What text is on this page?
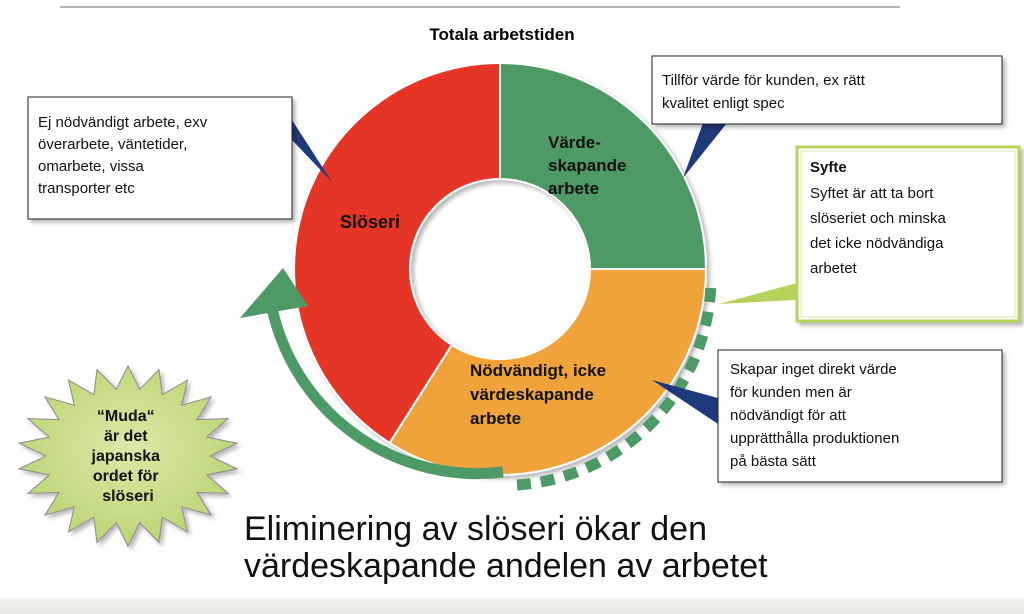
Totala arbetstiden
Värde- skapande arbete
Nödvändigt, icke värdeskapande arbete
Slöseri
Ej nödvändigt arbete, exv överarbete, väntetider, omarbete, vissa transporter etc
Tillför värde för kunden, ex rätt kvalitet enligt spec
Syfte
Syftet är att ta bort slöseriet och minska det icke nödvändiga arbetet
Skapar inget direkt värde för kunden men är nödvändigt för att upprätthålla produktionen på bästa sätt
“Muda“ är det japanska ordet för slöseri
Eliminering av slöseri ökar den värdeskapande andelen av arbetet
